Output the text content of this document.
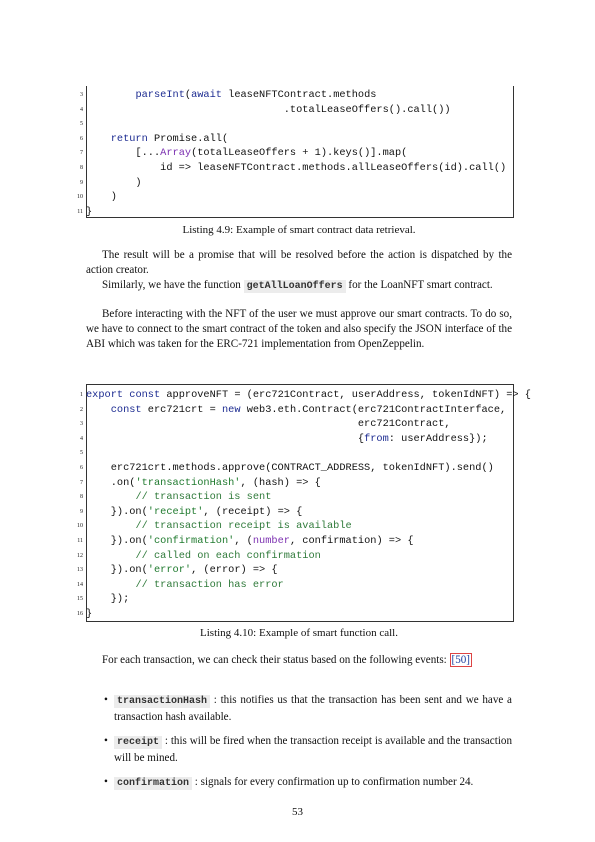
3	parseInt(await leaseNFTContract.methods
4 .totalLeaseOffers().call())
5
6	return Promise.all(
7 [...Array(totalLeaseOffers + 1).keys()].map(
8 id => leaseNFTContract.methods.allLeaseOffers(id).call()
9 )
10 )
11 }
Listing 4.9: Example of smart contract data retrieval.

The result will be a promise that will be resolved before the action is dispatched by the action creator.

Similarly, we have the function getAllLoanOffers for the LoanNFT smart contract.

Before interacting with the NFT of the user we must approve our smart contracts. To do so, we have to connect to the smart contract of the token and also specify the JSON interface of the ABI which was taken for the ERC-721 implementation from OpenZeppelin.

1 export const approveNFT = (erc721Contract, userAddress, tokenIdNFT) => {
2	const erc721crt = new web3.eth.Contract(erc721ContractInterface,
3 erc721Contract,
4 {from: userAddress});
5
6 erc721crt.methods.approve(CONTRACT_ADDRESS, tokenIdNFT).send()
7 .on('transactionHash', (hash) => {
8	// transaction is sent
9 }).on('receipt', (receipt) => {
10	// transaction receipt is available
11 }).on('confirmation', (number, confirmation) => {
12	// called on each confirmation
13 }).on('error', (error) => {
14	// transaction has error
15 });
16 }
Listing 4.10: Example of smart function call.

For each transaction, we can check their status based on the following events: [50]

• transactionHash : this notifies us that the transaction has been sent and we have a transaction hash available.
• receipt : this will be fired when the transaction receipt is available and the transaction will be mined.
• confirmation : signals for every confirmation up to confirmation number 24.
53
